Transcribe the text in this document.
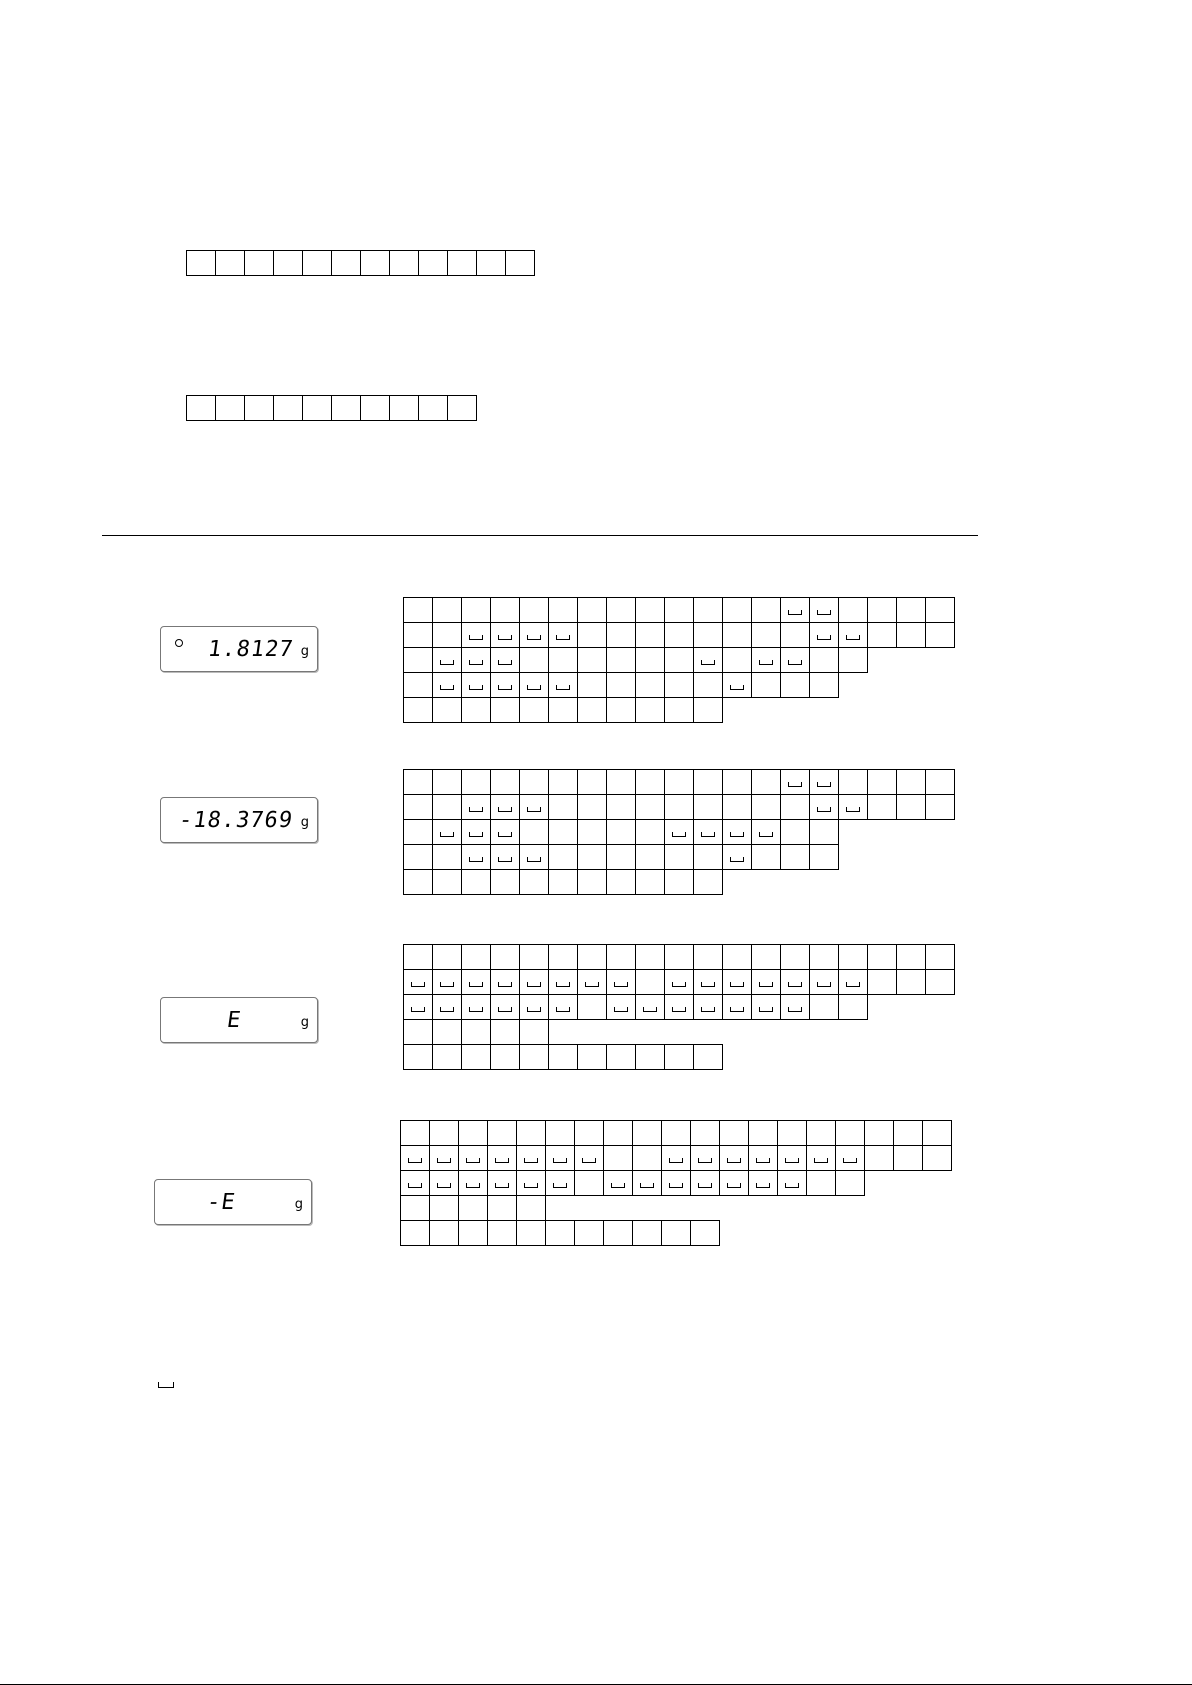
1.8127 g
-18.3769 g
E	g
-E	g
